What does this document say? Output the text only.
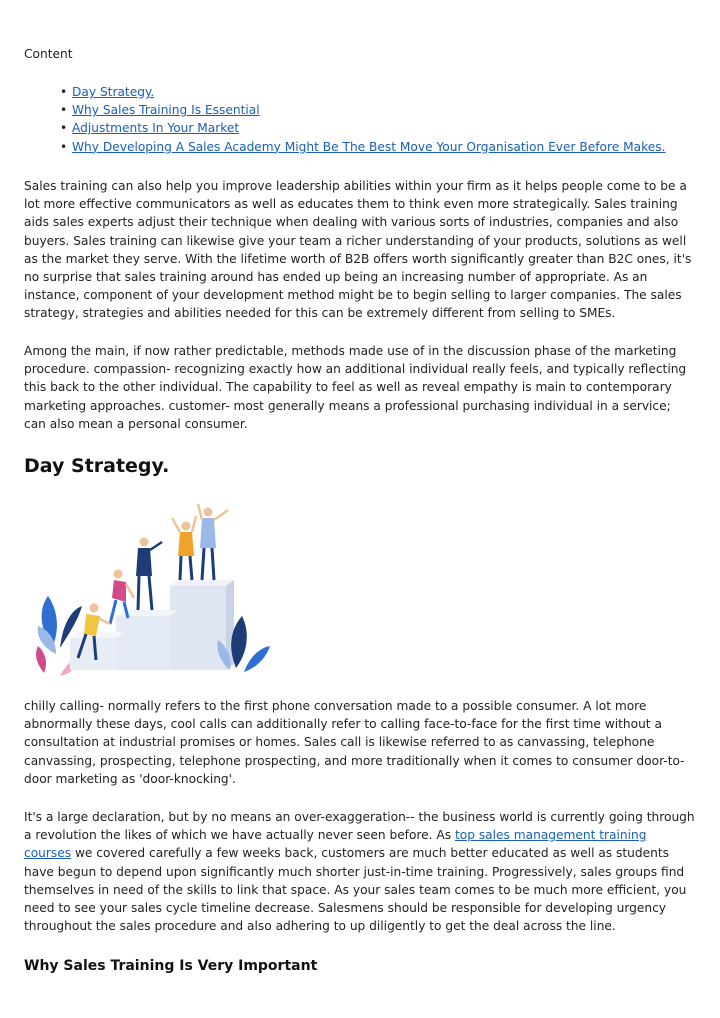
Content

• Day Strategy.
• Why Sales Training Is Essential
• Adjustments In Your Market
• Why Developing A Sales Academy Might Be The Best Move Your Organisation Ever Before Makes.

Sales training can also help you improve leadership abilities within your firm as it helps people come to be a lot more effective communicators as well as educates them to think even more strategically. Sales training aids sales experts adjust their technique when dealing with various sorts of industries, companies and also buyers. Sales training can likewise give your team a richer understanding of your products, solutions as well as the market they serve. With the lifetime worth of B2B offers worth significantly greater than B2C ones, it's no surprise that sales training around has ended up being an increasing number of appropriate. As an instance, component of your development method might be to begin selling to larger companies. The sales strategy, strategies and abilities needed for this can be extremely different from selling to SMEs.

Among the main, if now rather predictable, methods made use of in the discussion phase of the marketing procedure. compassion- recognizing exactly how an additional individual really feels, and typically reflecting this back to the other individual. The capability to feel as well as reveal empathy is main to contemporary marketing approaches. customer- most generally means a professional purchasing individual in a service; can also mean a personal consumer.

Day Strategy.

chilly calling- normally refers to the first phone conversation made to a possible consumer. A lot more abnormally these days, cool calls can additionally refer to calling face-to-face for the first time without a consultation at industrial promises or homes. Sales call is likewise referred to as canvassing, telephone canvassing, prospecting, telephone prospecting, and more traditionally when it comes to consumer door-to-door marketing as 'door-knocking'.

It's a large declaration, but by no means an over-exaggeration-- the business world is currently going through a revolution the likes of which we have actually never seen before. As top sales management training courses we covered carefully a few weeks back, customers are much better educated as well as students have begun to depend upon significantly much shorter just-in-time training. Progressively, sales groups find themselves in need of the skills to link that space. As your sales team comes to be much more efficient, you need to see your sales cycle timeline decrease. Salesmens should be responsible for developing urgency throughout the sales procedure and also adhering to up diligently to get the deal across the line.

Why Sales Training Is Very Important
